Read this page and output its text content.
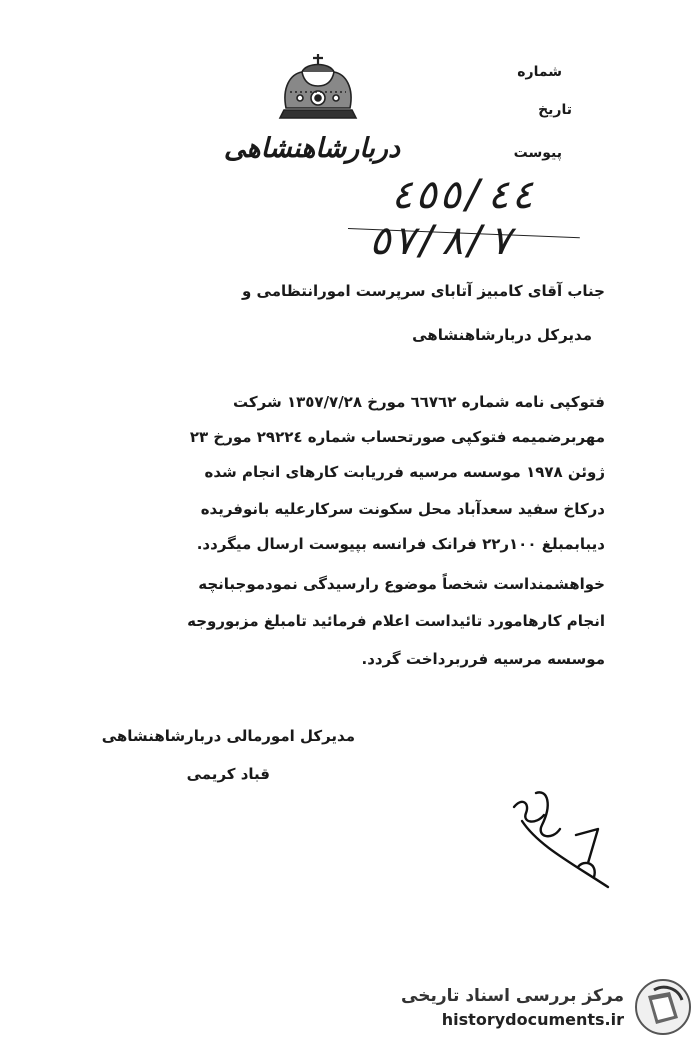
دربارشاهنشاهی
شماره
تاریخ
پیوست
٤٥٥/٤٤
٥٧/٨/٧
جناب آقای کامبیز آتابای سرپرست امورانتظامی و
مدیرکل دربارشاهنشاهی
فتوکپی نامه شماره ٦٦٧٦٢ مورخ ١٣٥٧/٧/٢٨ شرکت
مهربرضمیمه فتوکپی صورتحساب شماره ٢٩٢٢٤ مورخ ٢٣
ژوئن ١٩٧٨ موسسه مرسیه فرریابت کارهای انجام شده
درکاخ سفید سعدآباد محل سکونت سرکارعلیه بانوفریده
دیبابمبلغ ١٠٠ر٢٢ فرانک فرانسه بپیوست ارسال میگردد.
خواهشمنداست شخصاً موضوع رارسیدگی نمودموجبانچه
انجام کارهامورد تائیداست اعلام فرمائید تامبلغ مزبوروجه
موسسه مرسیه فرربرداخت گردد.
مدیرکل امورمالی دربارشاهنشاهی
قباد کریمی
مرکز بررسی اسناد تاریخی
historydocuments.ir
